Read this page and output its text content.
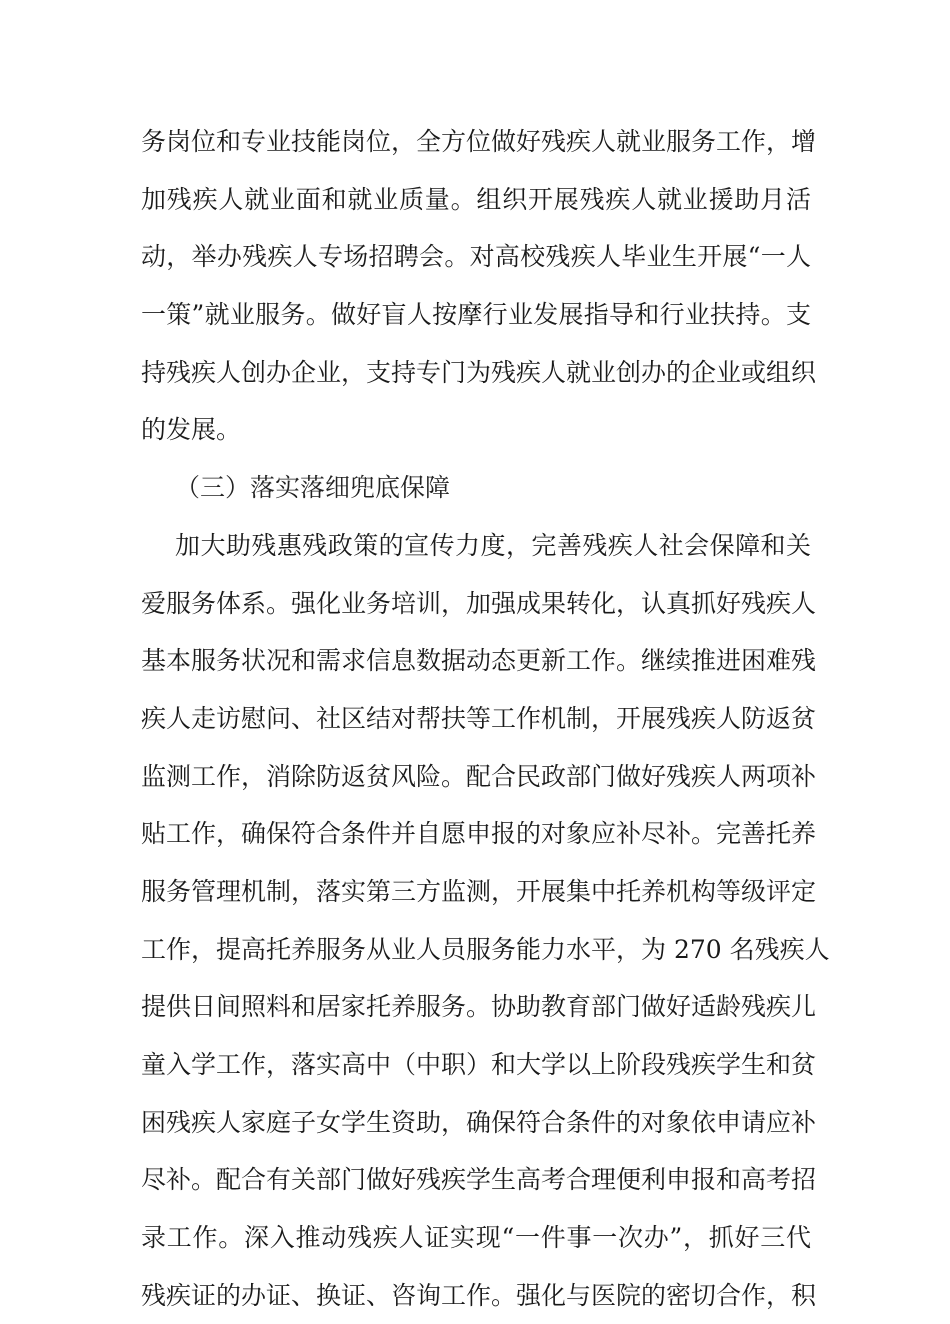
务岗位和专业技能岗位，全方位做好残疾人就业服务工作，增
加残疾人就业面和就业质量。组织开展残疾人就业援助月活
动，举办残疾人专场招聘会。对高校残疾人毕业生开展“一人
一策”就业服务。做好盲人按摩行业发展指导和行业扶持。支
持残疾人创办企业，支持专门为残疾人就业创办的企业或组织
的发展。
（三）落实落细兜底保障
加大助残惠残政策的宣传力度，完善残疾人社会保障和关
爱服务体系。强化业务培训，加强成果转化，认真抓好残疾人
基本服务状况和需求信息数据动态更新工作。继续推进困难残
疾人走访慰问、社区结对帮扶等工作机制，开展残疾人防返贫
监测工作，消除防返贫风险。配合民政部门做好残疾人两项补
贴工作，确保符合条件并自愿申报的对象应补尽补。完善托养
服务管理机制，落实第三方监测，开展集中托养机构等级评定
工作，提高托养服务从业人员服务能力水平，为 270 名残疾人
提供日间照料和居家托养服务。协助教育部门做好适龄残疾儿
童入学工作，落实高中（中职）和大学以上阶段残疾学生和贫
困残疾人家庭子女学生资助，确保符合条件的对象依申请应补
尽补。配合有关部门做好残疾学生高考合理便利申报和高考招
录工作。深入推动残疾人证实现“一件事一次办”，抓好三代
残疾证的办证、换证、咨询工作。强化与医院的密切合作，积
